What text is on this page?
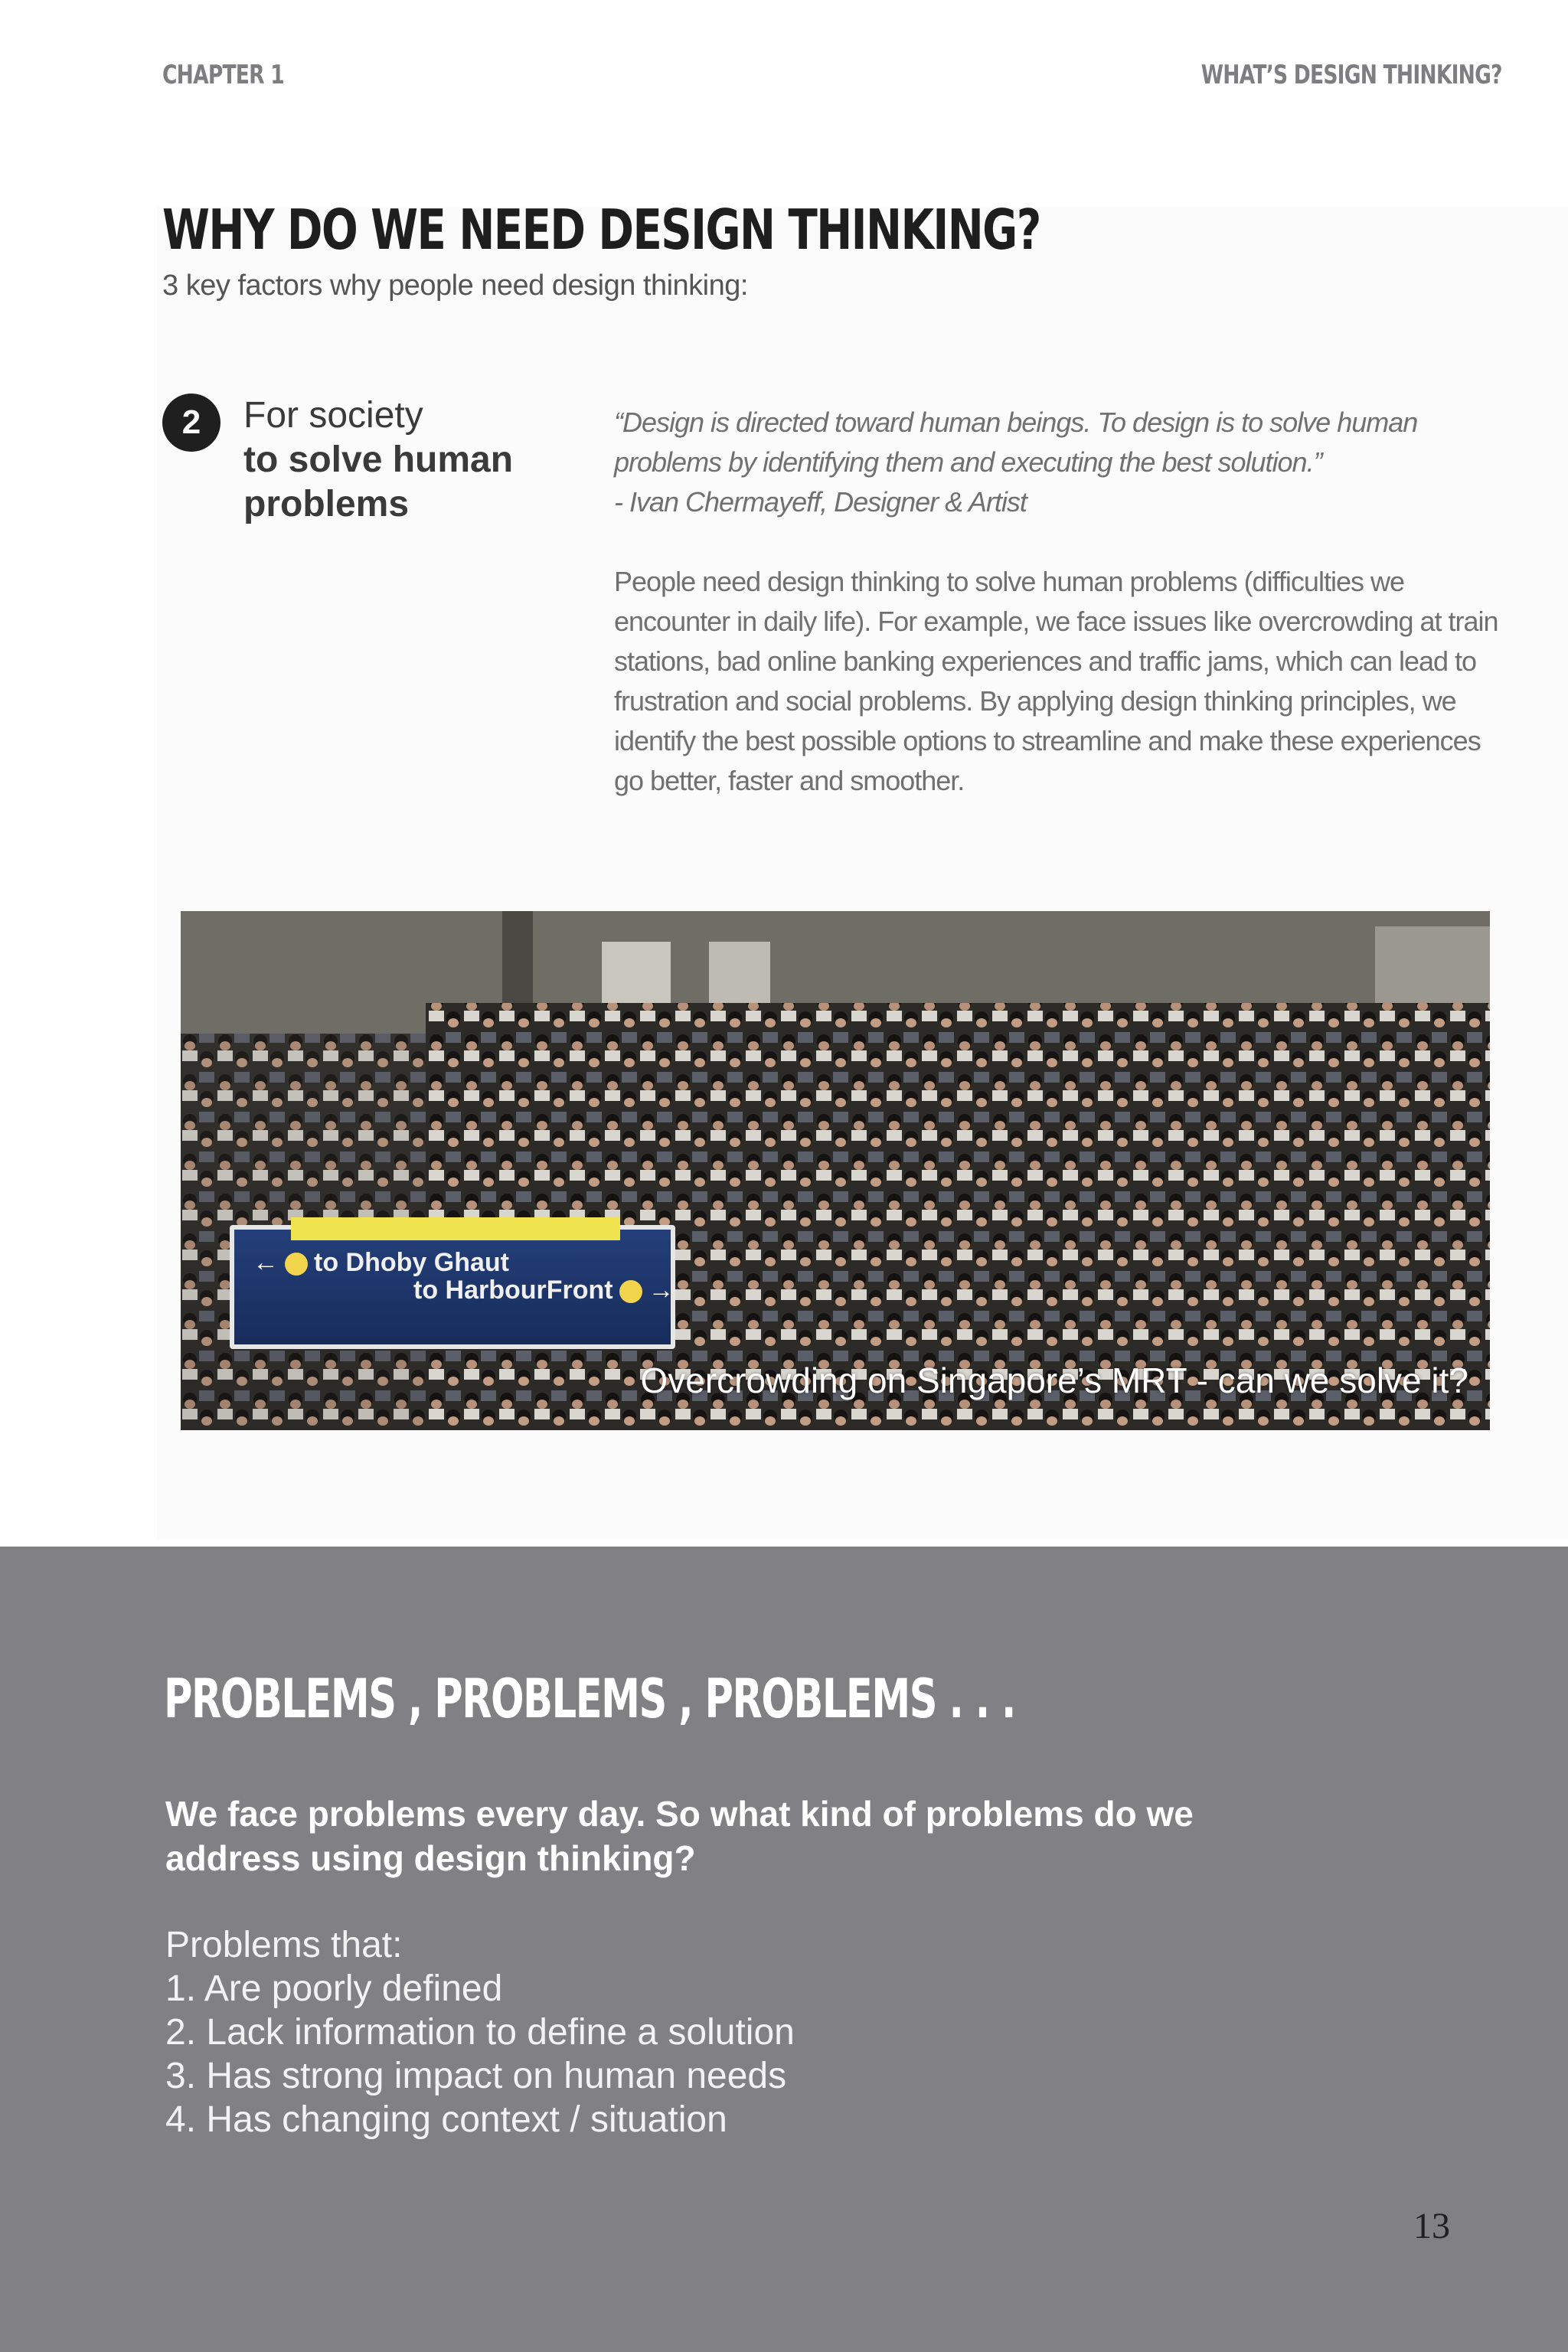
CHAPTER 1	WHAT’S DESIGN THINKING?
WHY DO WE NEED DESIGN THINKING?
3 key factors why people need design thinking:
2	For society
to solve human problems

“Design is directed toward human beings. To design is to solve human problems by identifying them and executing the best solution.”

- Ivan Chermayeff, Designer & Artist

People need design thinking to solve human problems (difficulties we encounter in daily life). For example, we face issues like overcrowding at train stations, bad online banking experiences and traffic jams, which can lead to frustration and social problems. By applying design thinking principles, we identify the best possible options to streamline and make these experiences go better, faster and smoother.

← to Dhoby Ghaut
to HarbourFront →
Overcrowding on Singapore’s MRT - can we solve it?
PROBLEMS , PROBLEMS , PROBLEMS . . .

We face problems every day. So what kind of problems do we address using design thinking?

Problems that:
1. Are poorly defined
2. Lack information to define a solution
3. Has strong impact on human needs
4. Has changing context / situation
13
